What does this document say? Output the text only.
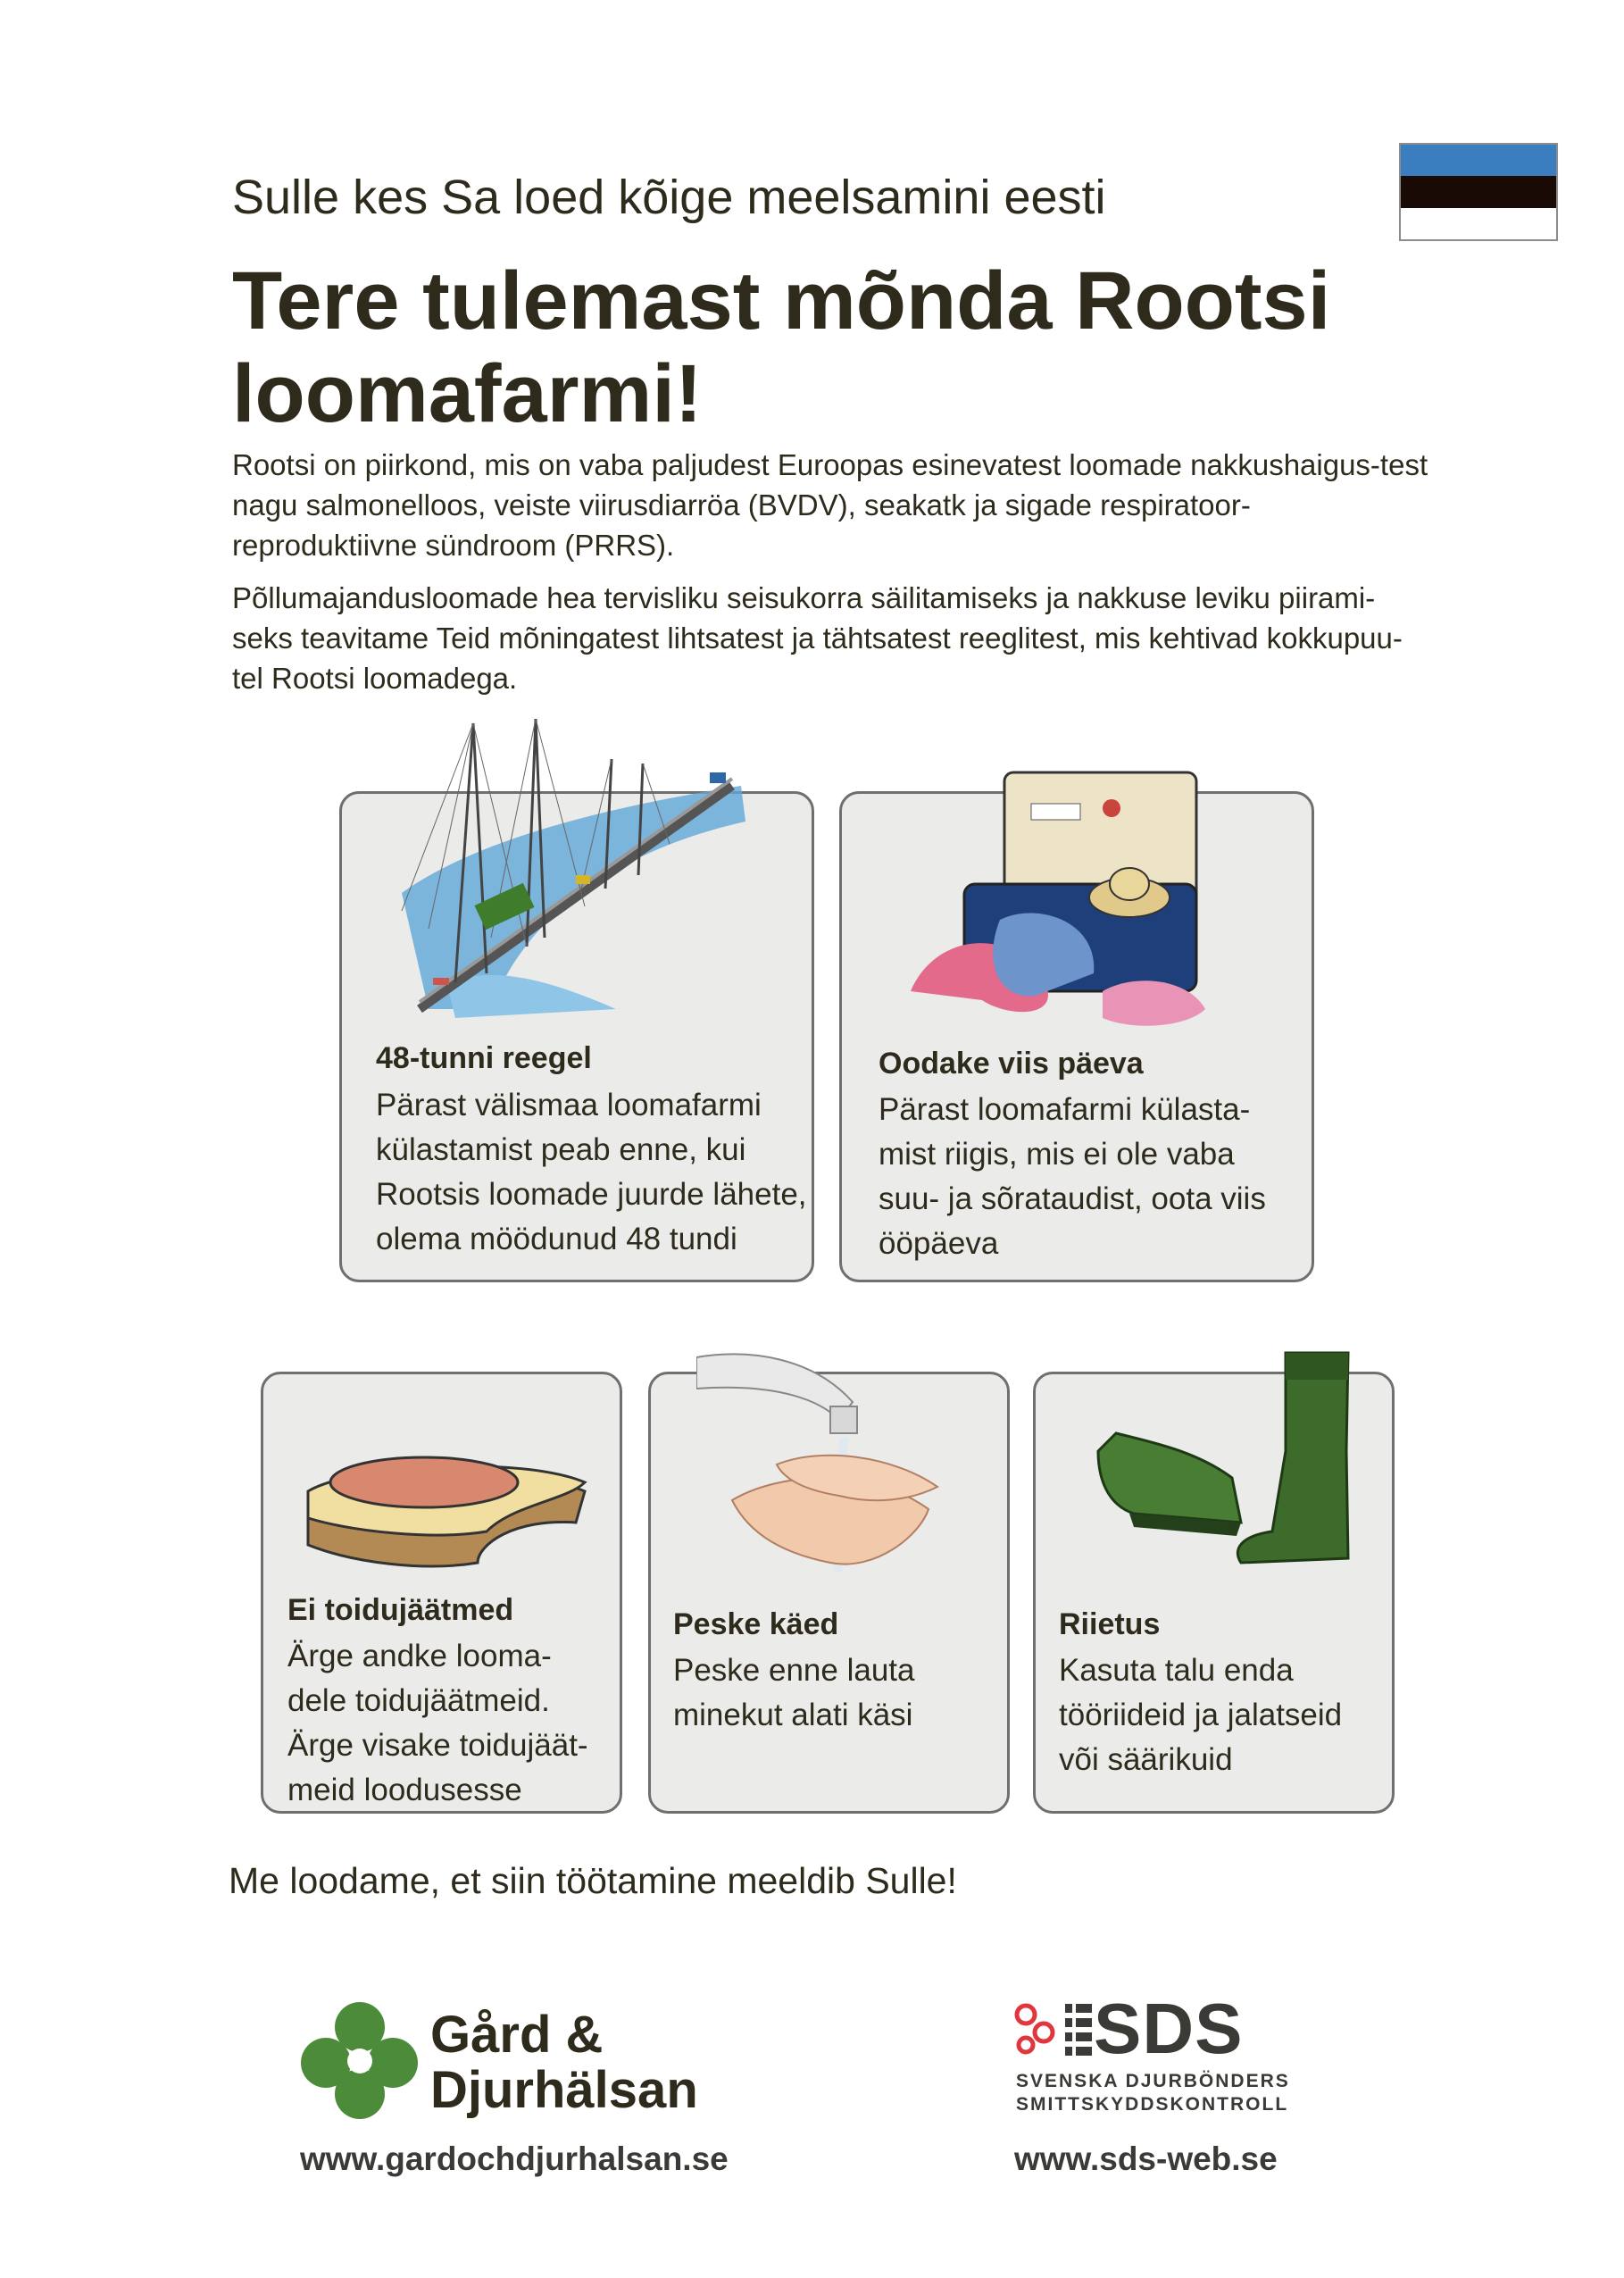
Sulle kes Sa loed kõige meelsamini eesti
Tere tulemast mõnda Rootsi
loomafarmi!

Rootsi on piirkond, mis on vaba paljudest Euroopas esinevatest loomade nakkushaigus-test nagu salmonelloos, veiste viirusdiarröa (BVDV), seakatk ja sigade respiratoor-reproduktiivne sündroom (PRRS).

Põllumajandusloomade hea tervisliku seisukorra säilitamiseks ja nakkuse leviku piirami-seks teavitame Teid mõningatest lihtsatest ja tähtsatest reeglitest, mis kehtivad kokkupuu-tel Rootsi loomadega.

48-tunni reegel
Pärast välismaa loomafarmi külastamist peab enne, kui Rootsis loomade juurde lähete, olema möödunud 48 tundi
Oodake viis päeva
Pärast loomafarmi külasta-mist riigis, mis ei ole vaba suu- ja sõrataudist, oota viis ööpäeva
Ei toidujäätmed
Ärge andke looma-dele toidujäätmeid. Ärge visake toidujäät-meid loodusesse
Peske käed
Peske enne lauta minekut alati käsi
Riietus
Kasuta talu enda tööriideid ja jalatseid või säärikuid
Me loodame, et siin töötamine meeldib Sulle!
Gård &
Djurhälsan
www.gardochdjurhalsan.se
SDS
SVENSKA DJURBÖNDERS
SMITTSKYDDSKONTROLL
www.sds-web.se
